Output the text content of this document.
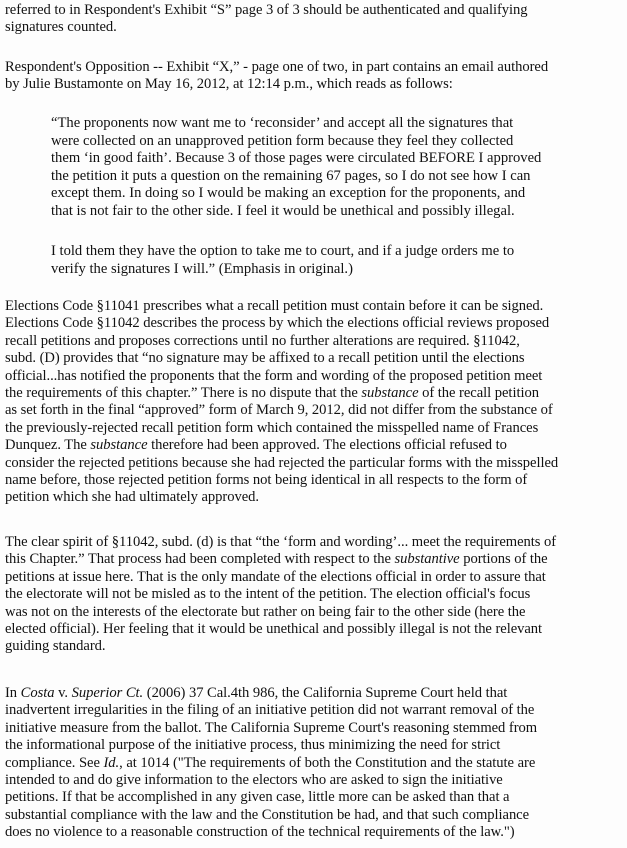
referred to in Respondent's Exhibit “S” page 3 of 3 should be authenticated and qualifying
signatures counted.
Respondent's Opposition -- Exhibit “X,” - page one of two, in part contains an email authored
by Julie Bustamonte on May 16, 2012, at 12:14 p.m., which reads as follows:
“The proponents now want me to ‘reconsider’ and accept all the signatures that
were collected on an unapproved petition form because they feel they collected
them ‘in good faith’. Because 3 of those pages were circulated BEFORE I approved
the petition it puts a question on the remaining 67 pages, so I do not see how I can
except them. In doing so I would be making an exception for the proponents, and
that is not fair to the other side. I feel it would be unethical and possibly illegal.
I told them they have the option to take me to court, and if a judge orders me to
verify the signatures I will.” (Emphasis in original.)
Elections Code §11041 prescribes what a recall petition must contain before it can be signed.
Elections Code §11042 describes the process by which the elections official reviews proposed
recall petitions and proposes corrections until no further alterations are required. §11042,
subd. (D) provides that “no signature may be affixed to a recall petition until the elections
official...has notified the proponents that the form and wording of the proposed petition meet
the requirements of this chapter.” There is no dispute that the substance of the recall petition
as set forth in the final “approved” form of March 9, 2012, did not differ from the substance of
the previously-rejected recall petition form which contained the misspelled name of Frances
Dunquez. The substance therefore had been approved. The elections official refused to
consider the rejected petitions because she had rejected the particular forms with the misspelled
name before, those rejected petition forms not being identical in all respects to the form of
petition which she had ultimately approved.
The clear spirit of §11042, subd. (d) is that “the ‘form and wording’... meet the requirements of
this Chapter.” That process had been completed with respect to the substantive portions of the
petitions at issue here. That is the only mandate of the elections official in order to assure that
the electorate will not be misled as to the intent of the petition. The election official's focus
was not on the interests of the electorate but rather on being fair to the other side (here the
elected official). Her feeling that it would be unethical and possibly illegal is not the relevant
guiding standard.
In Costa v. Superior Ct. (2006) 37 Cal.4th 986, the California Supreme Court held that
inadvertent irregularities in the filing of an initiative petition did not warrant removal of the
initiative measure from the ballot. The California Supreme Court's reasoning stemmed from
the informational purpose of the initiative process, thus minimizing the need for strict
compliance. See Id., at 1014 ("The requirements of both the Constitution and the statute are
intended to and do give information to the electors who are asked to sign the initiative
petitions. If that be accomplished in any given case, little more can be asked than that a
substantial compliance with the law and the Constitution be had, and that such compliance
does no violence to a reasonable construction of the technical requirements of the law.")
